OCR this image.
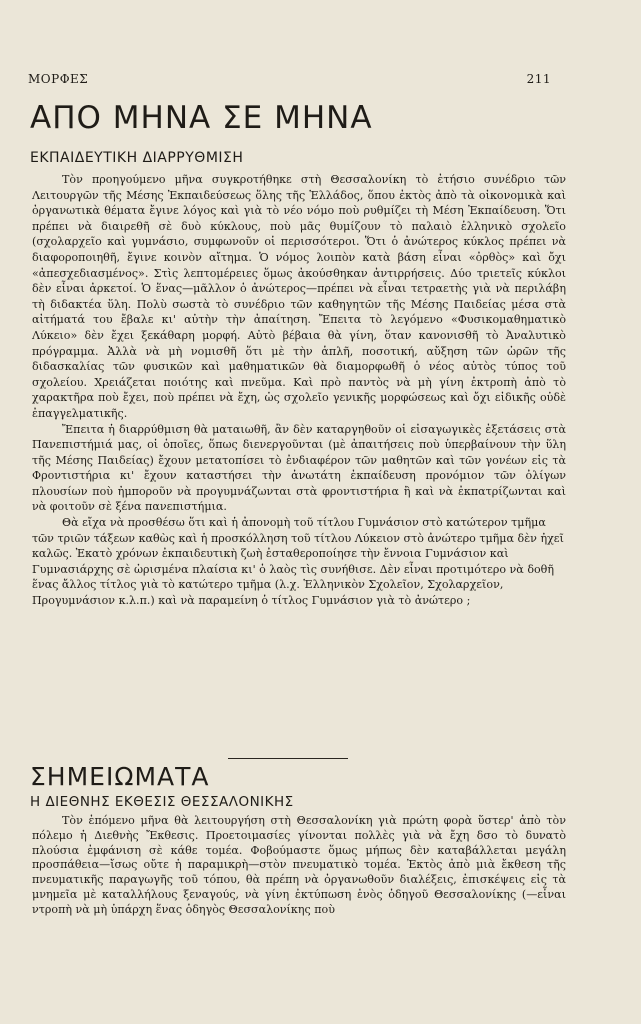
ΜΟΡΦΕΣ	211
ΑΠΟ ΜΗΝΑ ΣΕ ΜΗΝΑ
ΕΚΠΑΙΔΕΥΤΙΚΗ ΔΙΑΡΡΥΘΜΙΣΗ

Τὸν προηγούμενο μῆνα συγκροτήθηκε στὴ Θεσσαλονίκη τὸ ἐτήσιο συνέδριο τῶν Λειτουργῶν τῆς Μέσης Ἐκπαιδεύσεως ὅλης τῆς Ἑλλάδος, ὅπου ἐκτὸς ἀπὸ τὰ οἰκονομικὰ καὶ ὀργανωτικὰ θέματα ἔγινε λόγος καὶ γιὰ τὸ νέο νόμο ποὺ ρυθμίζει τὴ Μέση Ἐκπαίδευση. Ὅτι πρέπει νὰ διαιρεθῆ σὲ δυὸ κύκλους, ποὺ μᾶς θυμίζουν τὸ παλαιὸ ἑλληνικὸ σχολεῖο (σχολαρχεῖο καὶ γυμνάσιο, συμφωνοῦν οἱ περισσότεροι. Ὅτι ὁ ἀνώτερος κύκλος πρέπει νὰ διαφοροποιηθῆ, ἔγινε κοινὸν αἴτημα. Ὁ νόμος λοιπὸν κατὰ βάση εἶναι «ὀρθὸς» καὶ ὄχι «ἀπεσχεδιασμένος». Στὶς λεπτομέρειες ὅμως ἀκούσθηκαν ἀντιρρήσεις. Δύο τριετεῖς κύκλοι δὲν εἶναι ἀρκετοί. Ὁ ἕνας—μᾶλλον ὁ ἀνώτερος—πρέπει νὰ εἶναι τετραετὴς γιὰ νὰ περιλάβη τὴ διδακτέα ὕλη. Πολὺ σωστὰ τὸ συνέδριο τῶν καθηγητῶν τῆς Μέσης Παιδείας μέσα στὰ αἰτήματά του ἔβαλε κι' αὐτὴν τὴν ἀπαίτηση. Ἔπειτα τὸ λεγόμενο «Φυσικομαθηματικὸ Λύκειο» δὲν ἔχει ξεκάθαρη μορφή. Αὐτὸ βέβαια θὰ γίνη, ὅταν κανονισθῆ τὸ Ἀναλυτικὸ πρόγραμμα. Ἀλλὰ νὰ μὴ νομισθῆ ὅτι μὲ τὴν ἁπλῆ, ποσοτική, αὔξηση τῶν ὡρῶν τῆς διδασκαλίας τῶν φυσικῶν καὶ μαθηματικῶν θὰ διαμορφωθῆ ὁ νέος αὐτὸς τύπος τοῦ σχολείου. Χρειάζεται ποιότης καὶ πνεῦμα. Καὶ πρὸ παντὸς νὰ μὴ γίνη ἐκτροπὴ ἀπὸ τὸ χαρακτῆρα ποὺ ἔχει, ποὺ πρέπει νὰ ἔχη, ὡς σχολεῖο γενικῆς μορφώσεως καὶ ὄχι εἰδικῆς οὐδὲ ἐπαγγελματικῆς.

Ἔπειτα ἡ διαρρύθμιση θὰ ματαιωθῆ, ἂν δὲν καταργηθοῦν οἱ εἰσαγωγικὲς ἐξετάσεις στὰ Πανεπιστήμιά μας, οἱ ὁποῖες, ὅπως διενεργοῦνται (μὲ ἀπαιτήσεις ποὺ ὑπερβαίνουν τὴν ὕλη τῆς Μέσης Παιδείας) ἔχουν μετατοπίσει τὸ ἐνδιαφέρον τῶν μαθητῶν καὶ τῶν γονέων εἰς τὰ Φροντιστήρια κι' ἔχουν καταστήσει τὴν ἀνωτάτη ἐκπαίδευση προνόμιον τῶν ὀλίγων πλουσίων ποὺ ἠμποροῦν νὰ προγυμνάζωνται στὰ φροντιστήρια ἢ καὶ νὰ ἐκπατρίζωνται καὶ νὰ φοιτοῦν σὲ ξένα πανεπιστήμια.

Θὰ εἴχα νὰ προσθέσω ὅτι καὶ ἡ ἀπονομὴ τοῦ τίτλου Γυμνάσιον στὸ κατώτερον τμῆμα τῶν τριῶν τάξεων καθὼς καὶ ἡ προσκόλληση τοῦ τίτλου Λύκειον στὸ ἀνώτερο τμῆμα δὲν ἠχεῖ καλῶς. Ἑκατὸ χρόνων ἐκπαιδευτικὴ ζωὴ ἐσταθεροποίησε τὴν ἔννοια Γυμνάσιον καὶ Γυμνασιάρχης σὲ ὡρισμένα πλαίσια κι' ὁ λαὸς τὶς συνήθισε. Δὲν εἶναι προτιμότερο νὰ δοθῆ ἕνας ἄλλος τίτλος γιὰ τὸ κατώτερο τμῆμα (λ.χ. Ἑλληνικὸν Σχολεῖον, Σχολαρχεῖον, Προγυμνάσιον κ.λ.π.) καὶ νὰ παραμείνη ὁ τίτλος Γυμνάσιον γιὰ τὸ ἀνώτερο ;

ΣΗΜΕΙΩΜΑΤΑ
Η ΔΙΕΘΝΗΣ ΕΚΘΕΣΙΣ ΘΕΣΣΑΛΟΝΙΚΗΣ

Τὸν ἑπόμενο μῆνα θὰ λειτουργήση στὴ Θεσσαλονίκη γιὰ πρώτη φορὰ ὕστερ' ἀπὸ τὸν πόλεμο ἡ Διεθνὴς Ἔκθεσις. Προετοιμασίες γίνονται πολλὲς γιὰ νὰ ἔχη δσο τὸ δυνατὸ πλούσια ἐμφάνιση σὲ κάθε τομέα. Φοβούμαστε ὅμως μήπως δὲν καταβάλλεται μεγάλη προσπάθεια—ἴσως οὔτε ἡ παραμικρὴ—στὸν πνευματικὸ τομέα. Ἐκτὸς ἀπὸ μιὰ ἔκθεση τῆς πνευματικῆς παραγωγῆς τοῦ τόπου, θὰ πρέπη νὰ ὀργανωθοῦν διαλέξεις, ἐπισκέψεις εἰς τὰ μνημεῖα μὲ καταλλήλους ξεναγούς, νὰ γίνη ἐκτύπωση ἑνὸς ὁδηγοῦ Θεσσαλονίκης (—εἶναι ντροπὴ νὰ μὴ ὑπάρχη ἕνας ὁδηγὸς Θεσσαλονίκης ποὺ
